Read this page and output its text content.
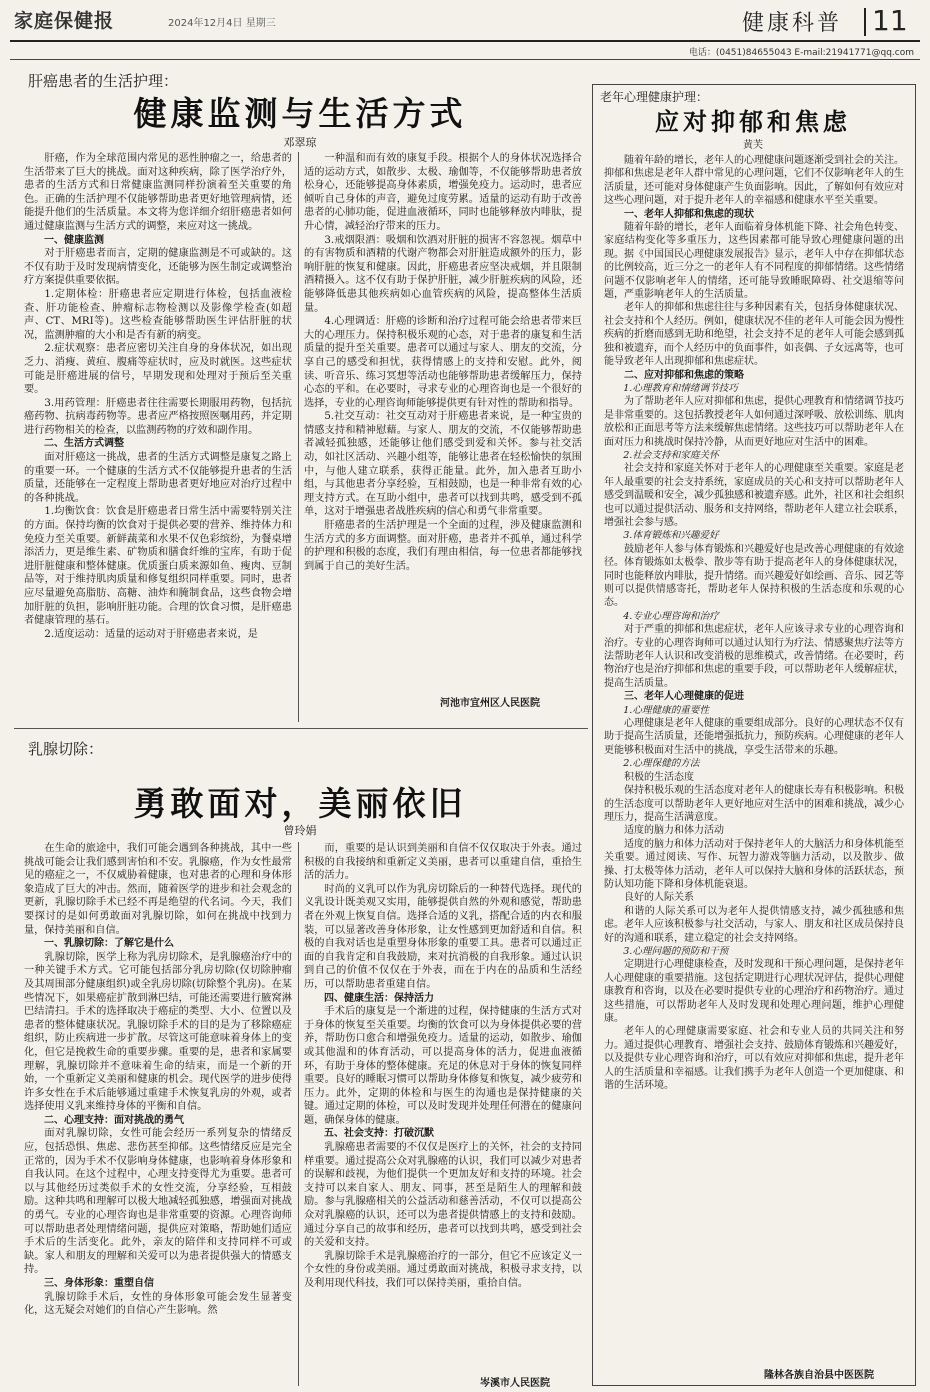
家庭保健报	2024年12月4日 星期三	健康科普 11
电话：(0451)84655043 E-mail:21941771@qq.com
肝癌患者的生活护理：
健康监测与生活方式
邓翠琼

肝癌，作为全球范围内常见的恶性肿瘤之一，给患者的生活带来了巨大的挑战。面对这种疾病，除了医学治疗外，患者的生活方式和日常健康监测同样扮演着至关重要的角色。正确的生活护理不仅能够帮助患者更好地管理病情，还能提升他们的生活质量。本文将为您详细介绍肝癌患者如何通过健康监测与生活方式的调整，来应对这一挑战。

一、健康监测

对于肝癌患者而言，定期的健康监测是不可或缺的。这不仅有助于及时发现病情变化，还能够为医生制定或调整治疗方案提供重要依据。

1.定期体检：肝癌患者应定期进行体检，包括血液检查、肝功能检查、肿瘤标志物检测以及影像学检查(如超声、CT、MRI等)。这些检查能够帮助医生评估肝脏的状况，监测肿瘤的大小和是否有新的病变。

2.症状观察：患者应密切关注自身的身体状况，如出现乏力、消瘦、黄疸、腹痛等症状时，应及时就医。这些症状可能是肝癌进展的信号，早期发现和处理对于预后至关重要。

3.用药管理：肝癌患者往往需要长期服用药物，包括抗癌药物、抗病毒药物等。患者应严格按照医嘱用药，并定期进行药物相关的检查，以监测药物的疗效和副作用。

二、生活方式调整

面对肝癌这一挑战，患者的生活方式调整是康复之路上的重要一环。一个健康的生活方式不仅能够提升患者的生活质量，还能够在一定程度上帮助患者更好地应对治疗过程中的各种挑战。

1.均衡饮食：饮食是肝癌患者日常生活中需要特别关注的方面。保持均衡的饮食对于提供必要的营养、维持体力和免疫力至关重要。新鲜蔬菜和水果不仅色彩缤纷，为餐桌增添活力，更是维生素、矿物质和膳食纤维的宝库，有助于促进肝脏健康和整体健康。优质蛋白质来源如鱼、瘦肉、豆制品等，对于维持肌肉质量和修复组织同样重要。同时，患者应尽量避免高脂肪、高糖、油炸和腌制食品，这些食物会增加肝脏的负担，影响肝脏功能。合理的饮食习惯，是肝癌患者健康管理的基石。

2.适度运动：适量的运动对于肝癌患者来说，是

一种温和而有效的康复手段。根据个人的身体状况选择合适的运动方式，如散步、太极、瑜伽等，不仅能够帮助患者放松身心，还能够提高身体素质，增强免疫力。运动时，患者应倾听自己身体的声音，避免过度劳累。适量的运动有助于改善患者的心肺功能，促进血液循环，同时也能够释放内啡肽，提升心情，减轻治疗带来的压力。

3.戒烟限酒：吸烟和饮酒对肝脏的损害不容忽视。烟草中的有害物质和酒精的代谢产物都会对肝脏造成额外的压力，影响肝脏的恢复和健康。因此，肝癌患者应坚决戒烟，并且限制酒精摄入。这不仅有助于保护肝脏，减少肝脏疾病的风险，还能够降低患其他疾病如心血管疾病的风险，提高整体生活质量。

4.心理调适：肝癌的诊断和治疗过程可能会给患者带来巨大的心理压力。保持积极乐观的心态，对于患者的康复和生活质量的提升至关重要。患者可以通过与家人、朋友的交流，分享自己的感受和担忧，获得情感上的支持和安慰。此外，阅读、听音乐、练习冥想等活动也能够帮助患者缓解压力，保持心态的平和。在必要时，寻求专业的心理咨询也是一个很好的选择，专业的心理咨询师能够提供更有针对性的帮助和指导。

5.社交互动：社交互动对于肝癌患者来说，是一种宝贵的情感支持和精神慰藉。与家人、朋友的交流，不仅能够帮助患者减轻孤独感，还能够让他们感受到爱和关怀。参与社交活动，如社区活动、兴趣小组等，能够让患者在轻松愉快的氛围中，与他人建立联系，获得正能量。此外，加入患者互助小组，与其他患者分享经验，互相鼓励，也是一种非常有效的心理支持方式。在互助小组中，患者可以找到共鸣，感受到不孤单，这对于增强患者战胜疾病的信心和勇气非常重要。

肝癌患者的生活护理是一个全面的过程，涉及健康监测和生活方式的多方面调整。面对肝癌，患者并不孤单，通过科学的护理和积极的态度，我们有理由相信，每一位患者都能够找到属于自己的美好生活。

河池市宜州区人民医院
乳腺切除：
勇敢面对，美丽依旧
曾玲娟

在生命的旅途中，我们可能会遇到各种挑战，其中一些挑战可能会让我们感到害怕和不安。乳腺癌，作为女性最常见的癌症之一，不仅威胁着健康，也对患者的心理和身体形象造成了巨大的冲击。然而，随着医学的进步和社会观念的更新，乳腺切除手术已经不再是绝望的代名词。今天，我们要探讨的是如何勇敢面对乳腺切除，如何在挑战中找到力量，保持美丽和自信。

一、乳腺切除：了解它是什么

乳腺切除，医学上称为乳房切除术，是乳腺癌治疗中的一种关键手术方式。它可能包括部分乳房切除(仅切除肿瘤及其周围部分健康组织)或全乳房切除(切除整个乳房)。在某些情况下，如果癌症扩散到淋巴结，可能还需要进行腋窝淋巴结清扫。手术的选择取决于癌症的类型、大小、位置以及患者的整体健康状况。乳腺切除手术的目的是为了移除癌症组织，防止疾病进一步扩散。尽管这可能意味着身体上的变化，但它是挽救生命的重要步骤。重要的是，患者和家属要理解，乳腺切除并不意味着生命的结束，而是一个新的开始，一个重新定义美丽和健康的机会。现代医学的进步使得许多女性在手术后能够通过重建手术恢复乳房的外观，或者选择使用义乳来维持身体的平衡和自信。

二、心理支持：面对挑战的勇气

面对乳腺切除，女性可能会经历一系列复杂的情绪反应，包括恐惧、焦虑、悲伤甚至抑郁。这些情绪反应是完全正常的，因为手术不仅影响身体健康，也影响着身体形象和自我认同。在这个过程中，心理支持变得尤为重要。患者可以与其他经历过类似手术的女性交流，分享经验，互相鼓励。这种共鸣和理解可以极大地减轻孤独感，增强面对挑战的勇气。专业的心理咨询也是非常重要的资源。心理咨询师可以帮助患者处理情绪问题，提供应对策略，帮助她们适应手术后的生活变化。此外，亲友的陪伴和支持同样不可或缺。家人和朋友的理解和关爱可以为患者提供强大的情感支持。

三、身体形象：重塑自信

乳腺切除手术后，女性的身体形象可能会发生显著变化，这无疑会对她们的自信心产生影响。然

而，重要的是认识到美丽和自信不仅仅取决于外表。通过积极的自我接纳和重新定义美丽，患者可以重建自信，重拾生活的活力。

时尚的义乳可以作为乳房切除后的一种替代选择。现代的义乳设计既美观又实用，能够提供自然的外观和感觉，帮助患者在外观上恢复自信。选择合适的义乳，搭配合适的内衣和服装，可以显著改善身体形象，让女性感到更加舒适和自信。积极的自我对话也是重塑身体形象的重要工具。患者可以通过正面的自我肯定和自我鼓励，来对抗消极的自我形象。通过认识到自己的价值不仅仅在于外表，而在于内在的品质和生活经历，可以帮助患者重建自信。

四、健康生活：保持活力

手术后的康复是一个渐进的过程，保持健康的生活方式对于身体的恢复至关重要。均衡的饮食可以为身体提供必要的营养，帮助伤口愈合和增强免疫力。适量的运动，如散步、瑜伽或其他温和的体育活动，可以提高身体的活力，促进血液循环，有助于身体的整体健康。充足的休息对于身体的恢复同样重要。良好的睡眠习惯可以帮助身体修复和恢复，减少疲劳和压力。此外，定期的体检和与医生的沟通也是保持健康的关键。通过定期的体检，可以及时发现并处理任何潜在的健康问题，确保身体的健康。

五、社会支持：打破沉默

乳腺癌患者需要的不仅仅是医疗上的关怀，社会的支持同样重要。通过提高公众对乳腺癌的认识，我们可以减少对患者的误解和歧视，为他们提供一个更加友好和支持的环境。社会支持可以来自家人、朋友、同事，甚至是陌生人的理解和鼓励。参与乳腺癌相关的公益活动和慈善活动，不仅可以提高公众对乳腺癌的认识，还可以为患者提供情感上的支持和鼓励。通过分享自己的故事和经历，患者可以找到共鸣，感受到社会的关爱和支持。

乳腺切除手术是乳腺癌治疗的一部分，但它不应该定义一个女性的身份或美丽。通过勇敢面对挑战，积极寻求支持，以及利用现代科技，我们可以保持美丽，重拾自信。

岑溪市人民医院
老年心理健康护理：
应对抑郁和焦虑
黄芙

随着年龄的增长，老年人的心理健康问题逐渐受到社会的关注。抑郁和焦虑是老年人群中常见的心理问题，它们不仅影响老年人的生活质量，还可能对身体健康产生负面影响。因此，了解如何有效应对这些心理问题，对于提升老年人的幸福感和健康水平至关重要。

一、老年人抑郁和焦虑的现状

随着年龄的增长，老年人面临着身体机能下降、社会角色转变、家庭结构变化等多重压力，这些因素都可能导致心理健康问题的出现。据《中国国民心理健康发展报告》显示，老年人中存在抑郁状态的比例较高，近三分之一的老年人有不同程度的抑郁情绪。这些情绪问题不仅影响老年人的情绪，还可能导致睡眠障碍、社交退缩等问题，严重影响老年人的生活质量。

老年人的抑郁和焦虑往往与多种因素有关，包括身体健康状况、社会支持和个人经历。例如，健康状况不佳的老年人可能会因为慢性疾病的折磨而感到无助和绝望，社会支持不足的老年人可能会感到孤独和被遗弃，而个人经历中的负面事件，如丧偶、子女远离等，也可能导致老年人出现抑郁和焦虑症状。

二、应对抑郁和焦虑的策略

1.心理教育和情绪调节技巧

为了帮助老年人应对抑郁和焦虑，提供心理教育和情绪调节技巧是非常重要的。这包括教授老年人如何通过深呼吸、放松训练、肌肉放松和正面思考等方法来缓解焦虑情绪。这些技巧可以帮助老年人在面对压力和挑战时保持冷静，从而更好地应对生活中的困难。

2.社会支持和家庭关怀

社会支持和家庭关怀对于老年人的心理健康至关重要。家庭是老年人最重要的社会支持系统，家庭成员的关心和支持可以帮助老年人感受到温暖和安全，减少孤独感和被遗弃感。此外，社区和社会组织也可以通过提供活动、服务和支持网络，帮助老年人建立社会联系，增强社会参与感。

3.体育锻炼和兴趣爱好

鼓励老年人参与体育锻炼和兴趣爱好也是改善心理健康的有效途径。体育锻炼如太极拳、散步等有助于提高老年人的身体健康状况，同时也能释放内啡肽，提升情绪。而兴趣爱好如绘画、音乐、园艺等则可以提供情感寄托，帮助老年人保持积极的生活态度和乐观的心态。

4.专业心理咨询和治疗

对于严重的抑郁和焦虑症状，老年人应该寻求专业的心理咨询和治疗。专业的心理咨询师可以通过认知行为疗法、情感聚焦疗法等方法帮助老年人认识和改变消极的思维模式，改善情绪。在必要时，药物治疗也是治疗抑郁和焦虑的重要手段，可以帮助老年人缓解症状，提高生活质量。

三、老年人心理健康的促进

1.心理健康的重要性

心理健康是老年人健康的重要组成部分。良好的心理状态不仅有助于提高生活质量，还能增强抵抗力，预防疾病。心理健康的老年人更能够积极面对生活中的挑战，享受生活带来的乐趣。

2.心理保健的方法

积极的生活态度

保持积极乐观的生活态度对老年人的健康长寿有积极影响。积极的生活态度可以帮助老年人更好地应对生活中的困难和挑战，减少心理压力，提高生活满意度。

适度的脑力和体力活动

适度的脑力和体力活动对于保持老年人的大脑活力和身体机能至关重要。通过阅读、写作、玩智力游戏等脑力活动，以及散步、做操、打太极等体力活动，老年人可以保持大脑和身体的活跃状态，预防认知功能下降和身体机能衰退。

良好的人际关系

和谐的人际关系可以为老年人提供情感支持，减少孤独感和焦虑。老年人应该积极参与社交活动，与家人、朋友和社区成员保持良好的沟通和联系，建立稳定的社会支持网络。

3.心理问题的预防和干预

定期进行心理健康检查，及时发现和干预心理问题，是保持老年人心理健康的重要措施。这包括定期进行心理状况评估，提供心理健康教育和咨询，以及在必要时提供专业的心理治疗和药物治疗。通过这些措施，可以帮助老年人及时发现和处理心理问题，维护心理健康。

老年人的心理健康需要家庭、社会和专业人员的共同关注和努力。通过提供心理教育、增强社会支持、鼓励体育锻炼和兴趣爱好，以及提供专业心理咨询和治疗，可以有效应对抑郁和焦虑，提升老年人的生活质量和幸福感。让我们携手为老年人创造一个更加健康、和谐的生活环境。

隆林各族自治县中医医院
